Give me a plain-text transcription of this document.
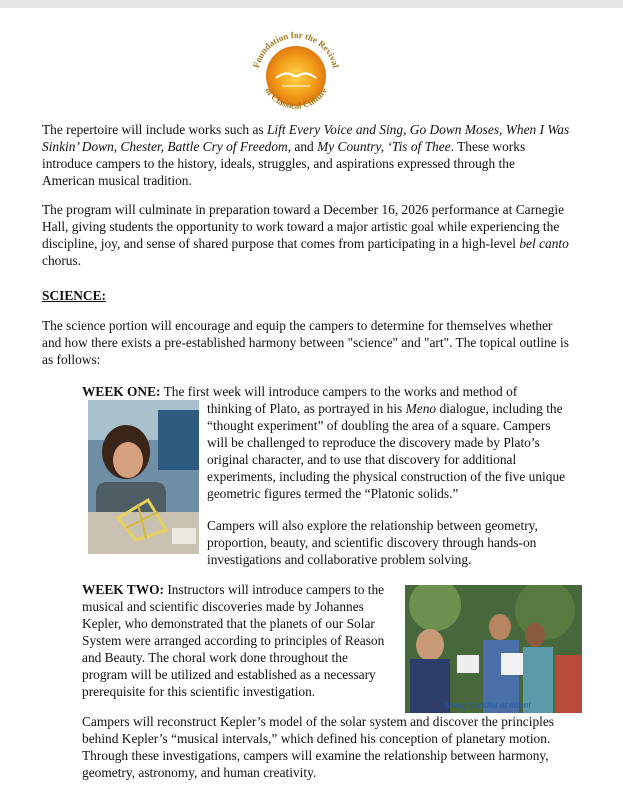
Foundation for the Revival
of Classical Culture
The repertoire will include works such as Lift Every Voice and Sing, Go Down Moses, When I Was Sinkin’ Down, Chester, Battle Cry of Freedom, and My Country, ‘Tis of Thee. These works introduce campers to the history, ideals, struggles, and aspirations expressed through the American musical tradition.
The program will culminate in preparation toward a December 16, 2026 performance at Carnegie Hall, giving students the opportunity to work toward a major artistic goal while experiencing the discipline, joy, and sense of shared purpose that comes from participating in a high-level bel canto chorus.
SCIENCE:
The science portion will encourage and equip the campers to determine for themselves whether and how there exists a pre-established harmony between "science" and "art". The topical outline is as follows:
WEEK ONE: The first week will introduce campers to the works and method of
thinking of Plato, as portrayed in his Meno dialogue, including the “thought experiment” of doubling the area of a square. Campers will be challenged to reproduce the discovery made by Plato’s original character, and to use that discovery for additional experiments, including the physical construction of the five unique geometric figures termed the “Platonic solids.”
Campers will also explore the relationship between geometry, proportion, beauty, and scientific discovery through hands-on investigations and collaborative problem solving.
WEEK TWO: Instructors will introduce campers to the musical and scientific discoveries made by Johannes Kepler, who demonstrated that the planets of our Solar System were arranged according to principles of Reason and Beauty. The choral work done throughout the program will be utilized and established as a necessary prerequisite for this scientific investigation.
Using Sundial at noon!
Campers will reconstruct Kepler’s model of the solar system and discover the principles behind Kepler’s “musical intervals,” which defined his conception of planetary motion. Through these investigations, campers will examine the relationship between harmony, geometry, astronomy, and human creativity.
